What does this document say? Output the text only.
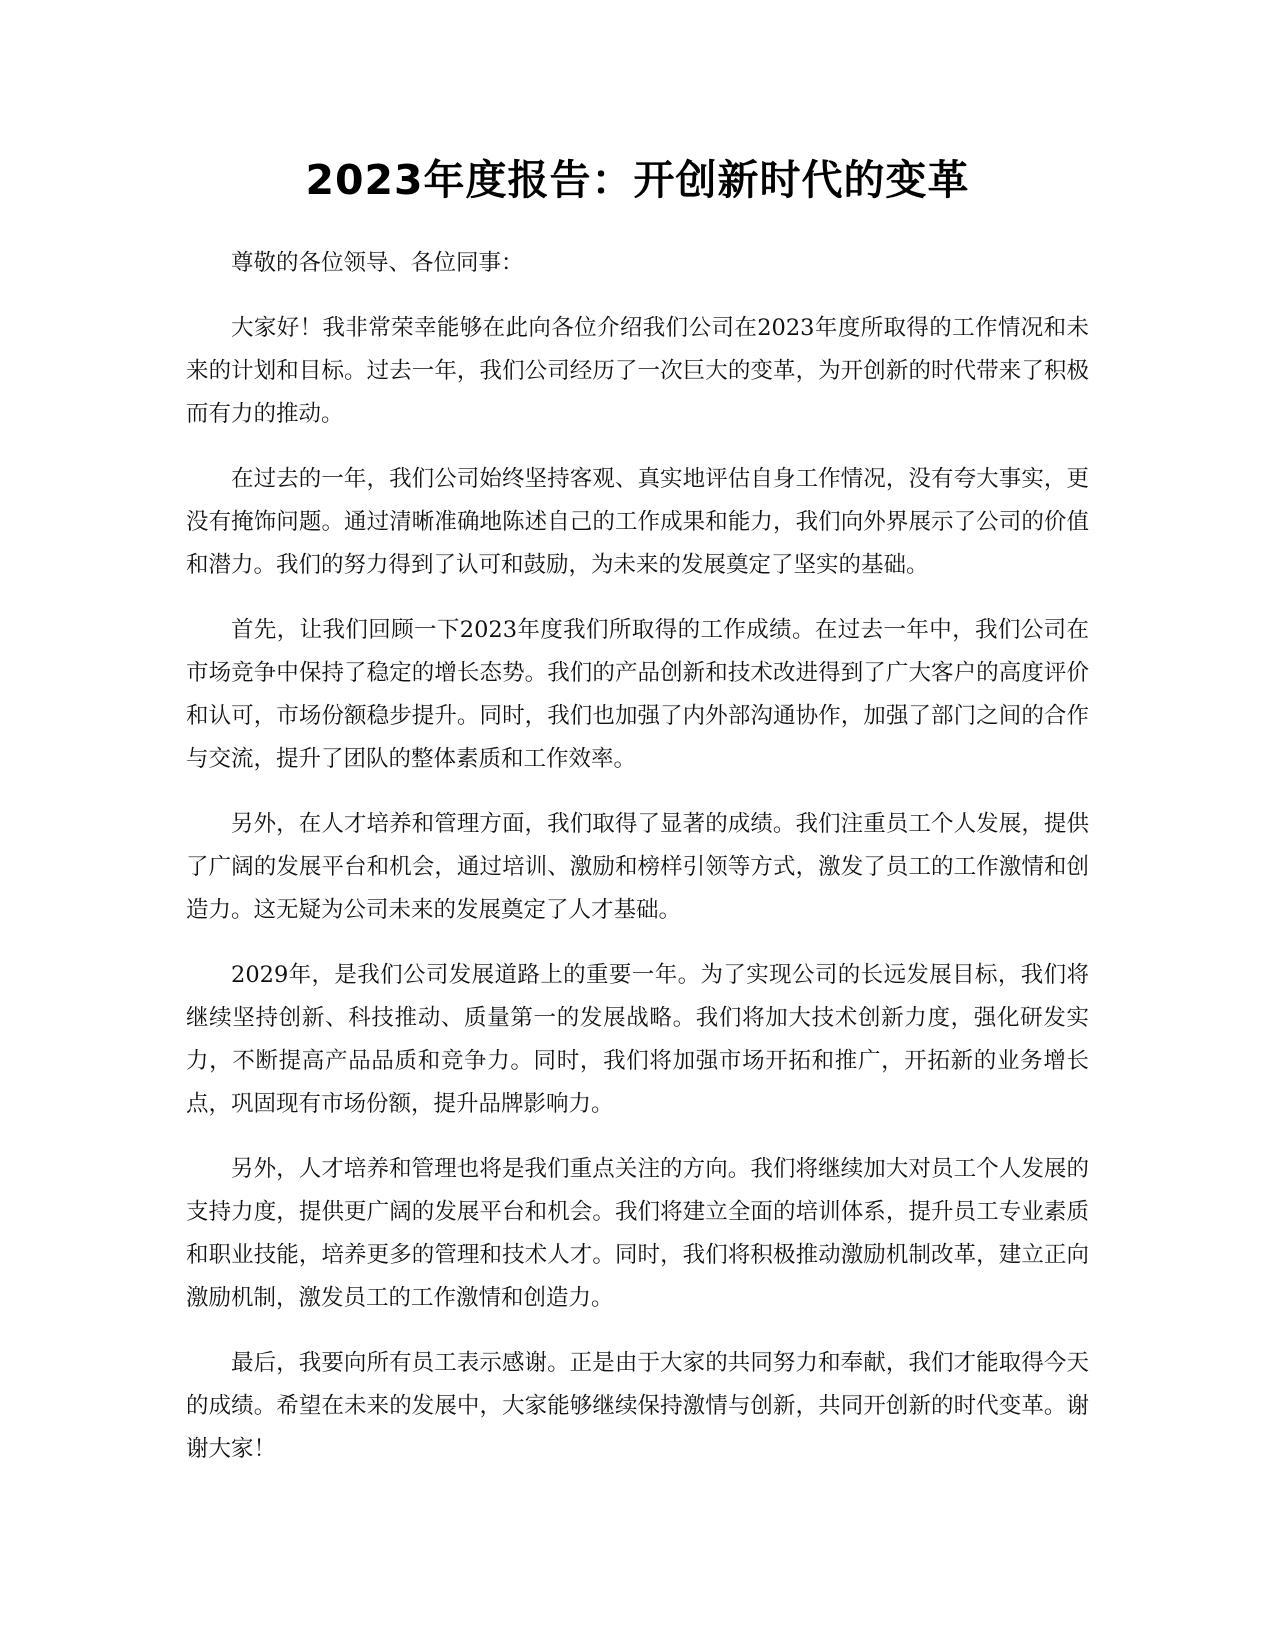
2023年度报告：开创新时代的变革

尊敬的各位领导、各位同事：

大家好！我非常荣幸能够在此向各位介绍我们公司在2023年度所取得的工作情况和未来的计划和目标。过去一年，我们公司经历了一次巨大的变革，为开创新的时代带来了积极而有力的推动。

在过去的一年，我们公司始终坚持客观、真实地评估自身工作情况，没有夸大事实，更没有掩饰问题。通过清晰准确地陈述自己的工作成果和能力，我们向外界展示了公司的价值和潜力。我们的努力得到了认可和鼓励，为未来的发展奠定了坚实的基础。

首先，让我们回顾一下2023年度我们所取得的工作成绩。在过去一年中，我们公司在市场竞争中保持了稳定的增长态势。我们的产品创新和技术改进得到了广大客户的高度评价和认可，市场份额稳步提升。同时，我们也加强了内外部沟通协作，加强了部门之间的合作与交流，提升了团队的整体素质和工作效率。

另外，在人才培养和管理方面，我们取得了显著的成绩。我们注重员工个人发展，提供了广阔的发展平台和机会，通过培训、激励和榜样引领等方式，激发了员工的工作激情和创造力。这无疑为公司未来的发展奠定了人才基础。

2029年，是我们公司发展道路上的重要一年。为了实现公司的长远发展目标，我们将继续坚持创新、科技推动、质量第一的发展战略。我们将加大技术创新力度，强化研发实力，不断提高产品品质和竞争力。同时，我们将加强市场开拓和推广，开拓新的业务增长点，巩固现有市场份额，提升品牌影响力。

另外，人才培养和管理也将是我们重点关注的方向。我们将继续加大对员工个人发展的支持力度，提供更广阔的发展平台和机会。我们将建立全面的培训体系，提升员工专业素质和职业技能，培养更多的管理和技术人才。同时，我们将积极推动激励机制改革，建立正向激励机制，激发员工的工作激情和创造力。

最后，我要向所有员工表示感谢。正是由于大家的共同努力和奉献，我们才能取得今天的成绩。希望在未来的发展中，大家能够继续保持激情与创新，共同开创新的时代变革。谢谢大家！
